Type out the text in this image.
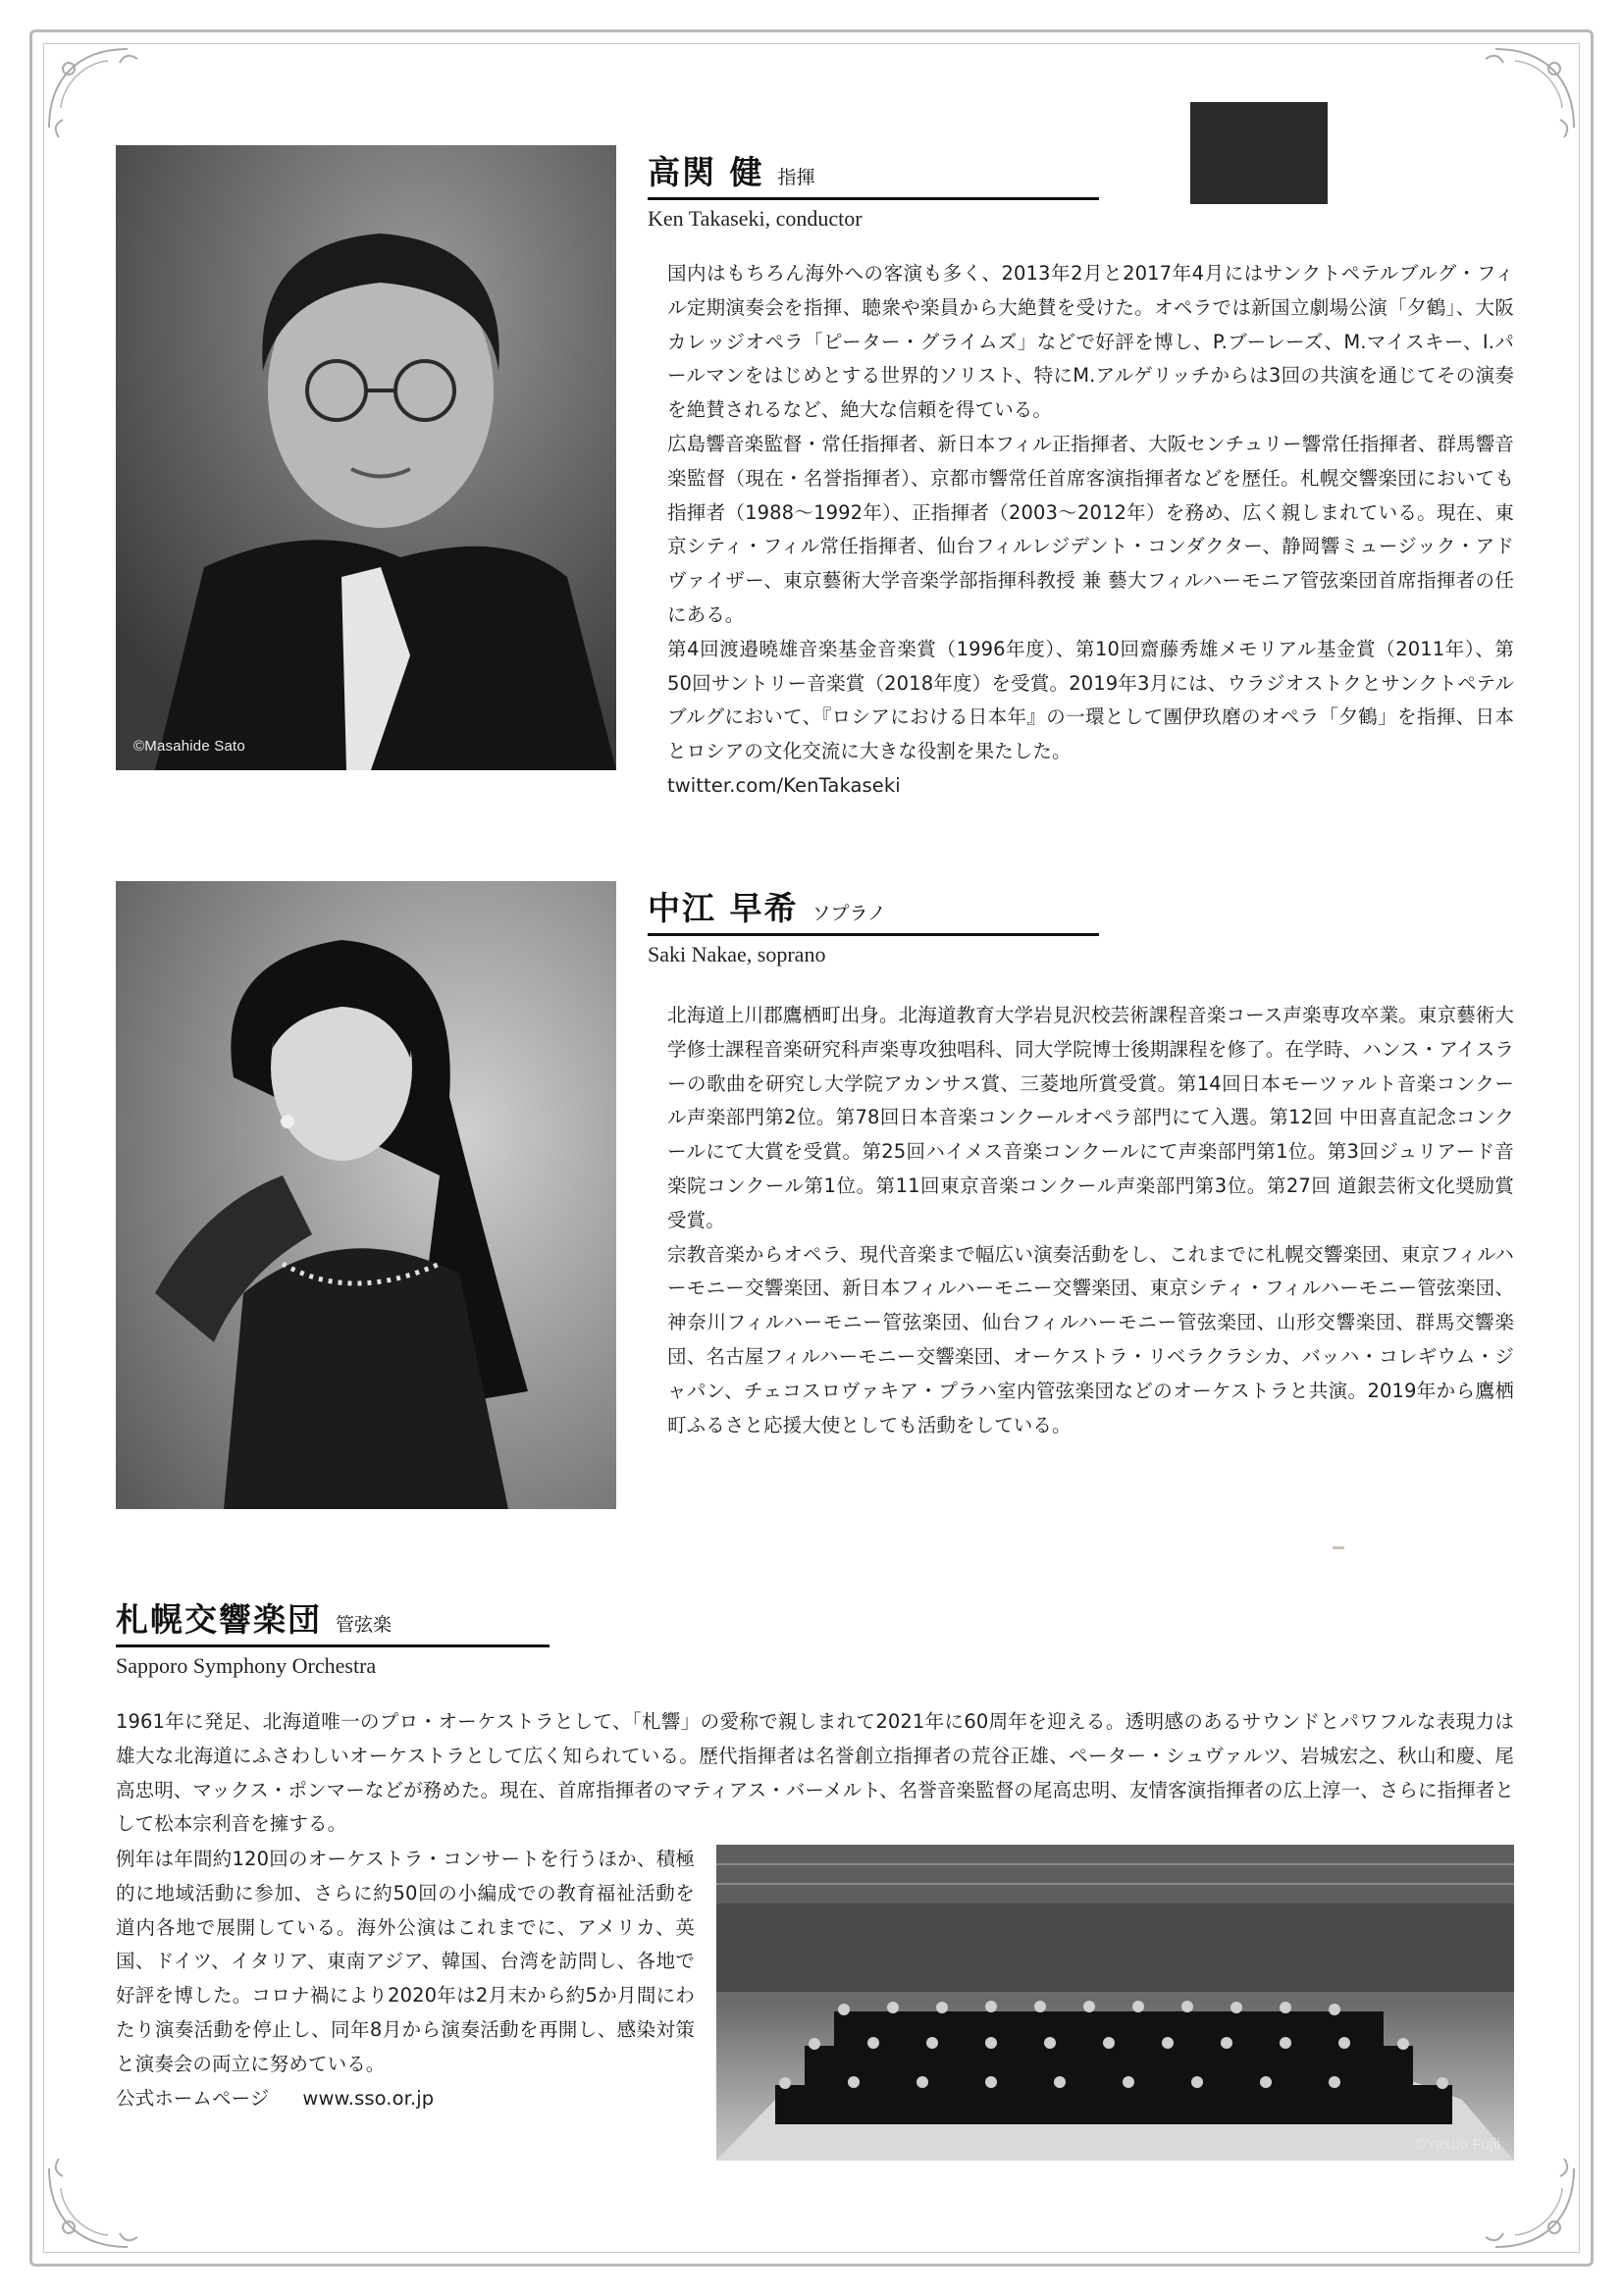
©Masahide Sato
高関 健 指揮
Ken Takaseki, conductor

国内はもちろん海外への客演も多く、2013年2月と2017年4月にはサンクトペテルブルグ・フィル定期演奏会を指揮、聴衆や楽員から大絶賛を受けた。オペラでは新国立劇場公演「夕鶴」、大阪カレッジオペラ「ピーター・グライムズ」などで好評を博し、P.ブーレーズ、M.マイスキー、I.パールマンをはじめとする世界的ソリスト、特にM.アルゲリッチからは3回の共演を通じてその演奏を絶賛されるなど、絶大な信頼を得ている。

広島響音楽監督・常任指揮者、新日本フィル正指揮者、大阪センチュリー響常任指揮者、群馬響音楽監督（現在・名誉指揮者）、京都市響常任首席客演指揮者などを歴任。札幌交響楽団においても指揮者（1988〜1992年）、正指揮者（2003〜2012年）を務め、広く親しまれている。現在、東京シティ・フィル常任指揮者、仙台フィルレジデント・コンダクター、静岡響ミュージック・アドヴァイザー、東京藝術大学音楽学部指揮科教授 兼 藝大フィルハーモニア管弦楽団首席指揮者の任にある。

第4回渡邉曉雄音楽基金音楽賞（1996年度）、第10回齋藤秀雄メモリアル基金賞（2011年）、第50回サントリー音楽賞（2018年度）を受賞。2019年3月には、ウラジオストクとサンクトペテルブルグにおいて、『ロシアにおける日本年』の一環として團伊玖磨のオペラ「夕鶴」を指揮、日本とロシアの文化交流に大きな役割を果たした。

twitter.com/KenTakaseki

中江 早希 ソプラノ
Saki Nakae, soprano

北海道上川郡鷹栖町出身。北海道教育大学岩見沢校芸術課程音楽コース声楽専攻卒業。東京藝術大学修士課程音楽研究科声楽専攻独唱科、同大学院博士後期課程を修了。在学時、ハンス・アイスラーの歌曲を研究し大学院アカンサス賞、三菱地所賞受賞。第14回日本モーツァルト音楽コンクール声楽部門第2位。第78回日本音楽コンクールオペラ部門にて入選。第12回 中田喜直記念コンクールにて大賞を受賞。第25回ハイメス音楽コンクールにて声楽部門第1位。第3回ジュリアード音楽院コンクール第1位。第11回東京音楽コンクール声楽部門第3位。第27回 道銀芸術文化奨励賞受賞。

宗教音楽からオペラ、現代音楽まで幅広い演奏活動をし、これまでに札幌交響楽団、東京フィルハーモニー交響楽団、新日本フィルハーモニー交響楽団、東京シティ・フィルハーモニー管弦楽団、神奈川フィルハーモニー管弦楽団、仙台フィルハーモニー管弦楽団、山形交響楽団、群馬交響楽団、名古屋フィルハーモニー交響楽団、オーケストラ・リベラクラシカ、バッハ・コレギウム・ジャパン、チェコスロヴァキア・プラハ室内管弦楽団などのオーケストラと共演。2019年から鷹栖町ふるさと応援大使としても活動をしている。

札幌交響楽団 管弦楽
Sapporo Symphony Orchestra

1961年に発足、北海道唯一のプロ・オーケストラとして、「札響」の愛称で親しまれて2021年に60周年を迎える。透明感のあるサウンドとパワフルな表現力は雄大な北海道にふさわしいオーケストラとして広く知られている。歴代指揮者は名誉創立指揮者の荒谷正雄、ペーター・シュヴァルツ、岩城宏之、秋山和慶、尾高忠明、マックス・ポンマーなどが務めた。現在、首席指揮者のマティアス・バーメルト、名誉音楽監督の尾高忠明、友情客演指揮者の広上淳一、さらに指揮者として松本宗利音を擁する。

例年は年間約120回のオーケストラ・コンサートを行うほか、積極的に地域活動に参加、さらに約50回の小編成での教育福祉活動を道内各地で展開している。海外公演はこれまでに、アメリカ、英国、ドイツ、イタリア、東南アジア、韓国、台湾を訪問し、各地で好評を博した。コロナ禍により2020年は2月末から約5か月間にわたり演奏活動を停止し、同年8月から演奏活動を再開し、感染対策と演奏会の両立に努めている。

公式ホームページ www.sso.or.jp
©Yasuo Fujii
